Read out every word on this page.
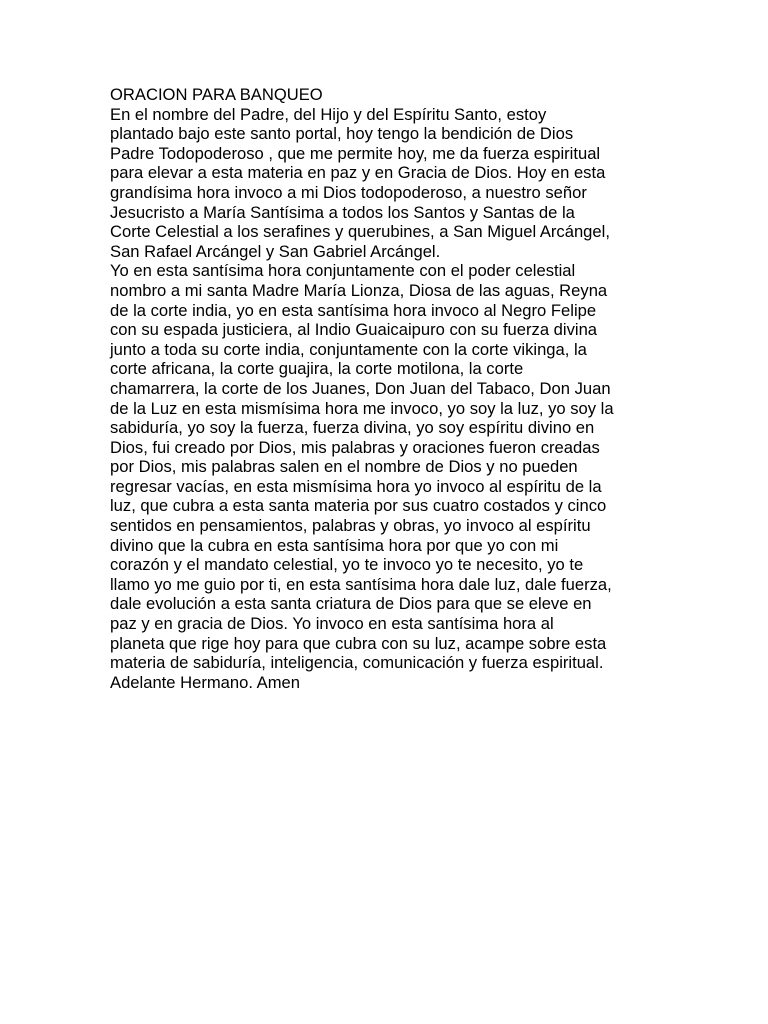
ORACION PARA BANQUEO
En el nombre del Padre, del Hijo y del Espíritu Santo, estoy
plantado bajo este santo portal, hoy tengo la bendición de Dios
Padre Todopoderoso , que me permite hoy, me da fuerza espiritual
para elevar a esta materia en paz y en Gracia de Dios. Hoy en esta
grandísima hora invoco a mi Dios todopoderoso, a nuestro señor
Jesucristo a María Santísima a todos los Santos y Santas de la
Corte Celestial a los serafines y querubines, a San Miguel Arcángel,
San Rafael Arcángel y San Gabriel Arcángel.
Yo en esta santísima hora conjuntamente con el poder celestial
nombro a mi santa Madre María Lionza, Diosa de las aguas, Reyna
de la corte india, yo en esta santísima hora invoco al Negro Felipe
con su espada justiciera, al Indio Guaicaipuro con su fuerza divina
junto a toda su corte india, conjuntamente con la corte vikinga, la
corte africana, la corte guajira, la corte motilona, la corte
chamarrera, la corte de los Juanes, Don Juan del Tabaco, Don Juan
de la Luz en esta mismísima hora me invoco, yo soy la luz, yo soy la
sabiduría, yo soy la fuerza, fuerza divina, yo soy espíritu divino en
Dios, fui creado por Dios, mis palabras y oraciones fueron creadas
por Dios, mis palabras salen en el nombre de Dios y no pueden
regresar vacías, en esta mismísima hora yo invoco al espíritu de la
luz, que cubra a esta santa materia por sus cuatro costados y cinco
sentidos en pensamientos, palabras y obras, yo invoco al espíritu
divino que la cubra en esta santísima hora por que yo con mi
corazón y el mandato celestial, yo te invoco yo te necesito, yo te
llamo yo me guio por ti, en esta santísima hora dale luz, dale fuerza,
dale evolución a esta santa criatura de Dios para que se eleve en
paz y en gracia de Dios. Yo invoco en esta santísima hora al
planeta que rige hoy para que cubra con su luz, acampe sobre esta
materia de sabiduría, inteligencia, comunicación y fuerza espiritual.
Adelante Hermano. Amen
